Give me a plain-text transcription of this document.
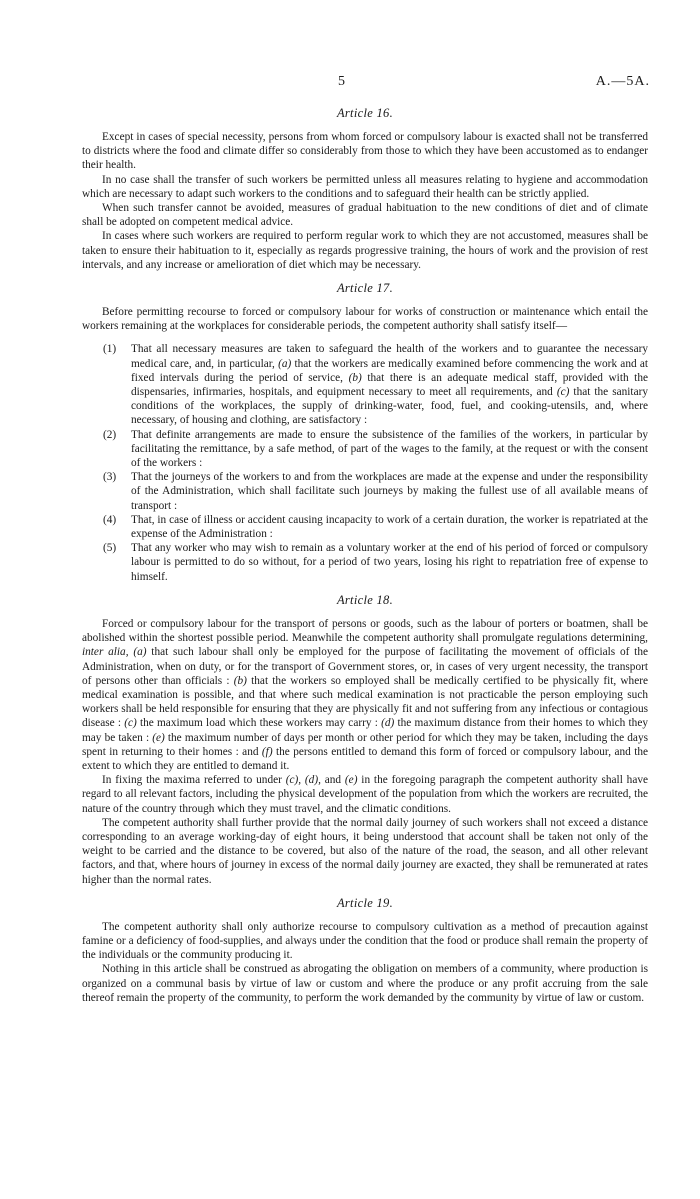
5	A.—5A.
Article 16.

Except in cases of special necessity, persons from whom forced or compulsory labour is exacted shall not be transferred to districts where the food and climate differ so considerably from those to which they have been accustomed as to endanger their health.

In no case shall the transfer of such workers be permitted unless all measures relating to hygiene and accommodation which are necessary to adapt such workers to the conditions and to safeguard their health can be strictly applied.

When such transfer cannot be avoided, measures of gradual habituation to the new conditions of diet and of climate shall be adopted on competent medical advice.

In cases where such workers are required to perform regular work to which they are not accustomed, measures shall be taken to ensure their habituation to it, especially as regards progressive training, the hours of work and the provision of rest intervals, and any increase or amelioration of diet which may be necessary.

Article 17.

Before permitting recourse to forced or compulsory labour for works of construction or maintenance which entail the workers remaining at the workplaces for considerable periods, the competent authority shall satisfy itself—

(1) That all necessary measures are taken to safeguard the health of the workers and to guarantee the necessary medical care, and, in particular, (a) that the workers are medically examined before commencing the work and at fixed intervals during the period of service, (b) that there is an adequate medical staff, provided with the dispensaries, infirmaries, hospitals, and equipment necessary to meet all requirements, and (c) that the sanitary conditions of the workplaces, the supply of drinking-water, food, fuel, and cooking-utensils, and, where necessary, of housing and clothing, are satisfactory :
(2) That definite arrangements are made to ensure the subsistence of the families of the workers, in particular by facilitating the remittance, by a safe method, of part of the wages to the family, at the request or with the consent of the workers :
(3) That the journeys of the workers to and from the workplaces are made at the expense and under the responsibility of the Administration, which shall facilitate such journeys by making the fullest use of all available means of transport :
(4) That, in case of illness or accident causing incapacity to work of a certain duration, the worker is repatriated at the expense of the Administration :
(5) That any worker who may wish to remain as a voluntary worker at the end of his period of forced or compulsory labour is permitted to do so without, for a period of two years, losing his right to repatriation free of expense to himself.
Article 18.

Forced or compulsory labour for the transport of persons or goods, such as the labour of porters or boatmen, shall be abolished within the shortest possible period. Meanwhile the competent authority shall promulgate regulations determining, inter alia, (a) that such labour shall only be employed for the purpose of facilitating the movement of officials of the Administration, when on duty, or for the transport of Government stores, or, in cases of very urgent necessity, the transport of persons other than officials : (b) that the workers so employed shall be medically certified to be physically fit, where medical examination is possible, and that where such medical examination is not practicable the person employing such workers shall be held responsible for ensuring that they are physically fit and not suffering from any infectious or contagious disease : (c) the maximum load which these workers may carry : (d) the maximum distance from their homes to which they may be taken : (e) the maximum number of days per month or other period for which they may be taken, including the days spent in returning to their homes : and (f) the persons entitled to demand this form of forced or compulsory labour, and the extent to which they are entitled to demand it.

In fixing the maxima referred to under (c), (d), and (e) in the foregoing paragraph the competent authority shall have regard to all relevant factors, including the physical development of the population from which the workers are recruited, the nature of the country through which they must travel, and the climatic conditions.

The competent authority shall further provide that the normal daily journey of such workers shall not exceed a distance corresponding to an average working-day of eight hours, it being understood that account shall be taken not only of the weight to be carried and the distance to be covered, but also of the nature of the road, the season, and all other relevant factors, and that, where hours of journey in excess of the normal daily journey are exacted, they shall be remunerated at rates higher than the normal rates.

Article 19.

The competent authority shall only authorize recourse to compulsory cultivation as a method of precaution against famine or a deficiency of food-supplies, and always under the condition that the food or produce shall remain the property of the individuals or the community producing it.

Nothing in this article shall be construed as abrogating the obligation on members of a community, where production is organized on a communal basis by virtue of law or custom and where the produce or any profit accruing from the sale thereof remain the property of the community, to perform the work demanded by the community by virtue of law or custom.
